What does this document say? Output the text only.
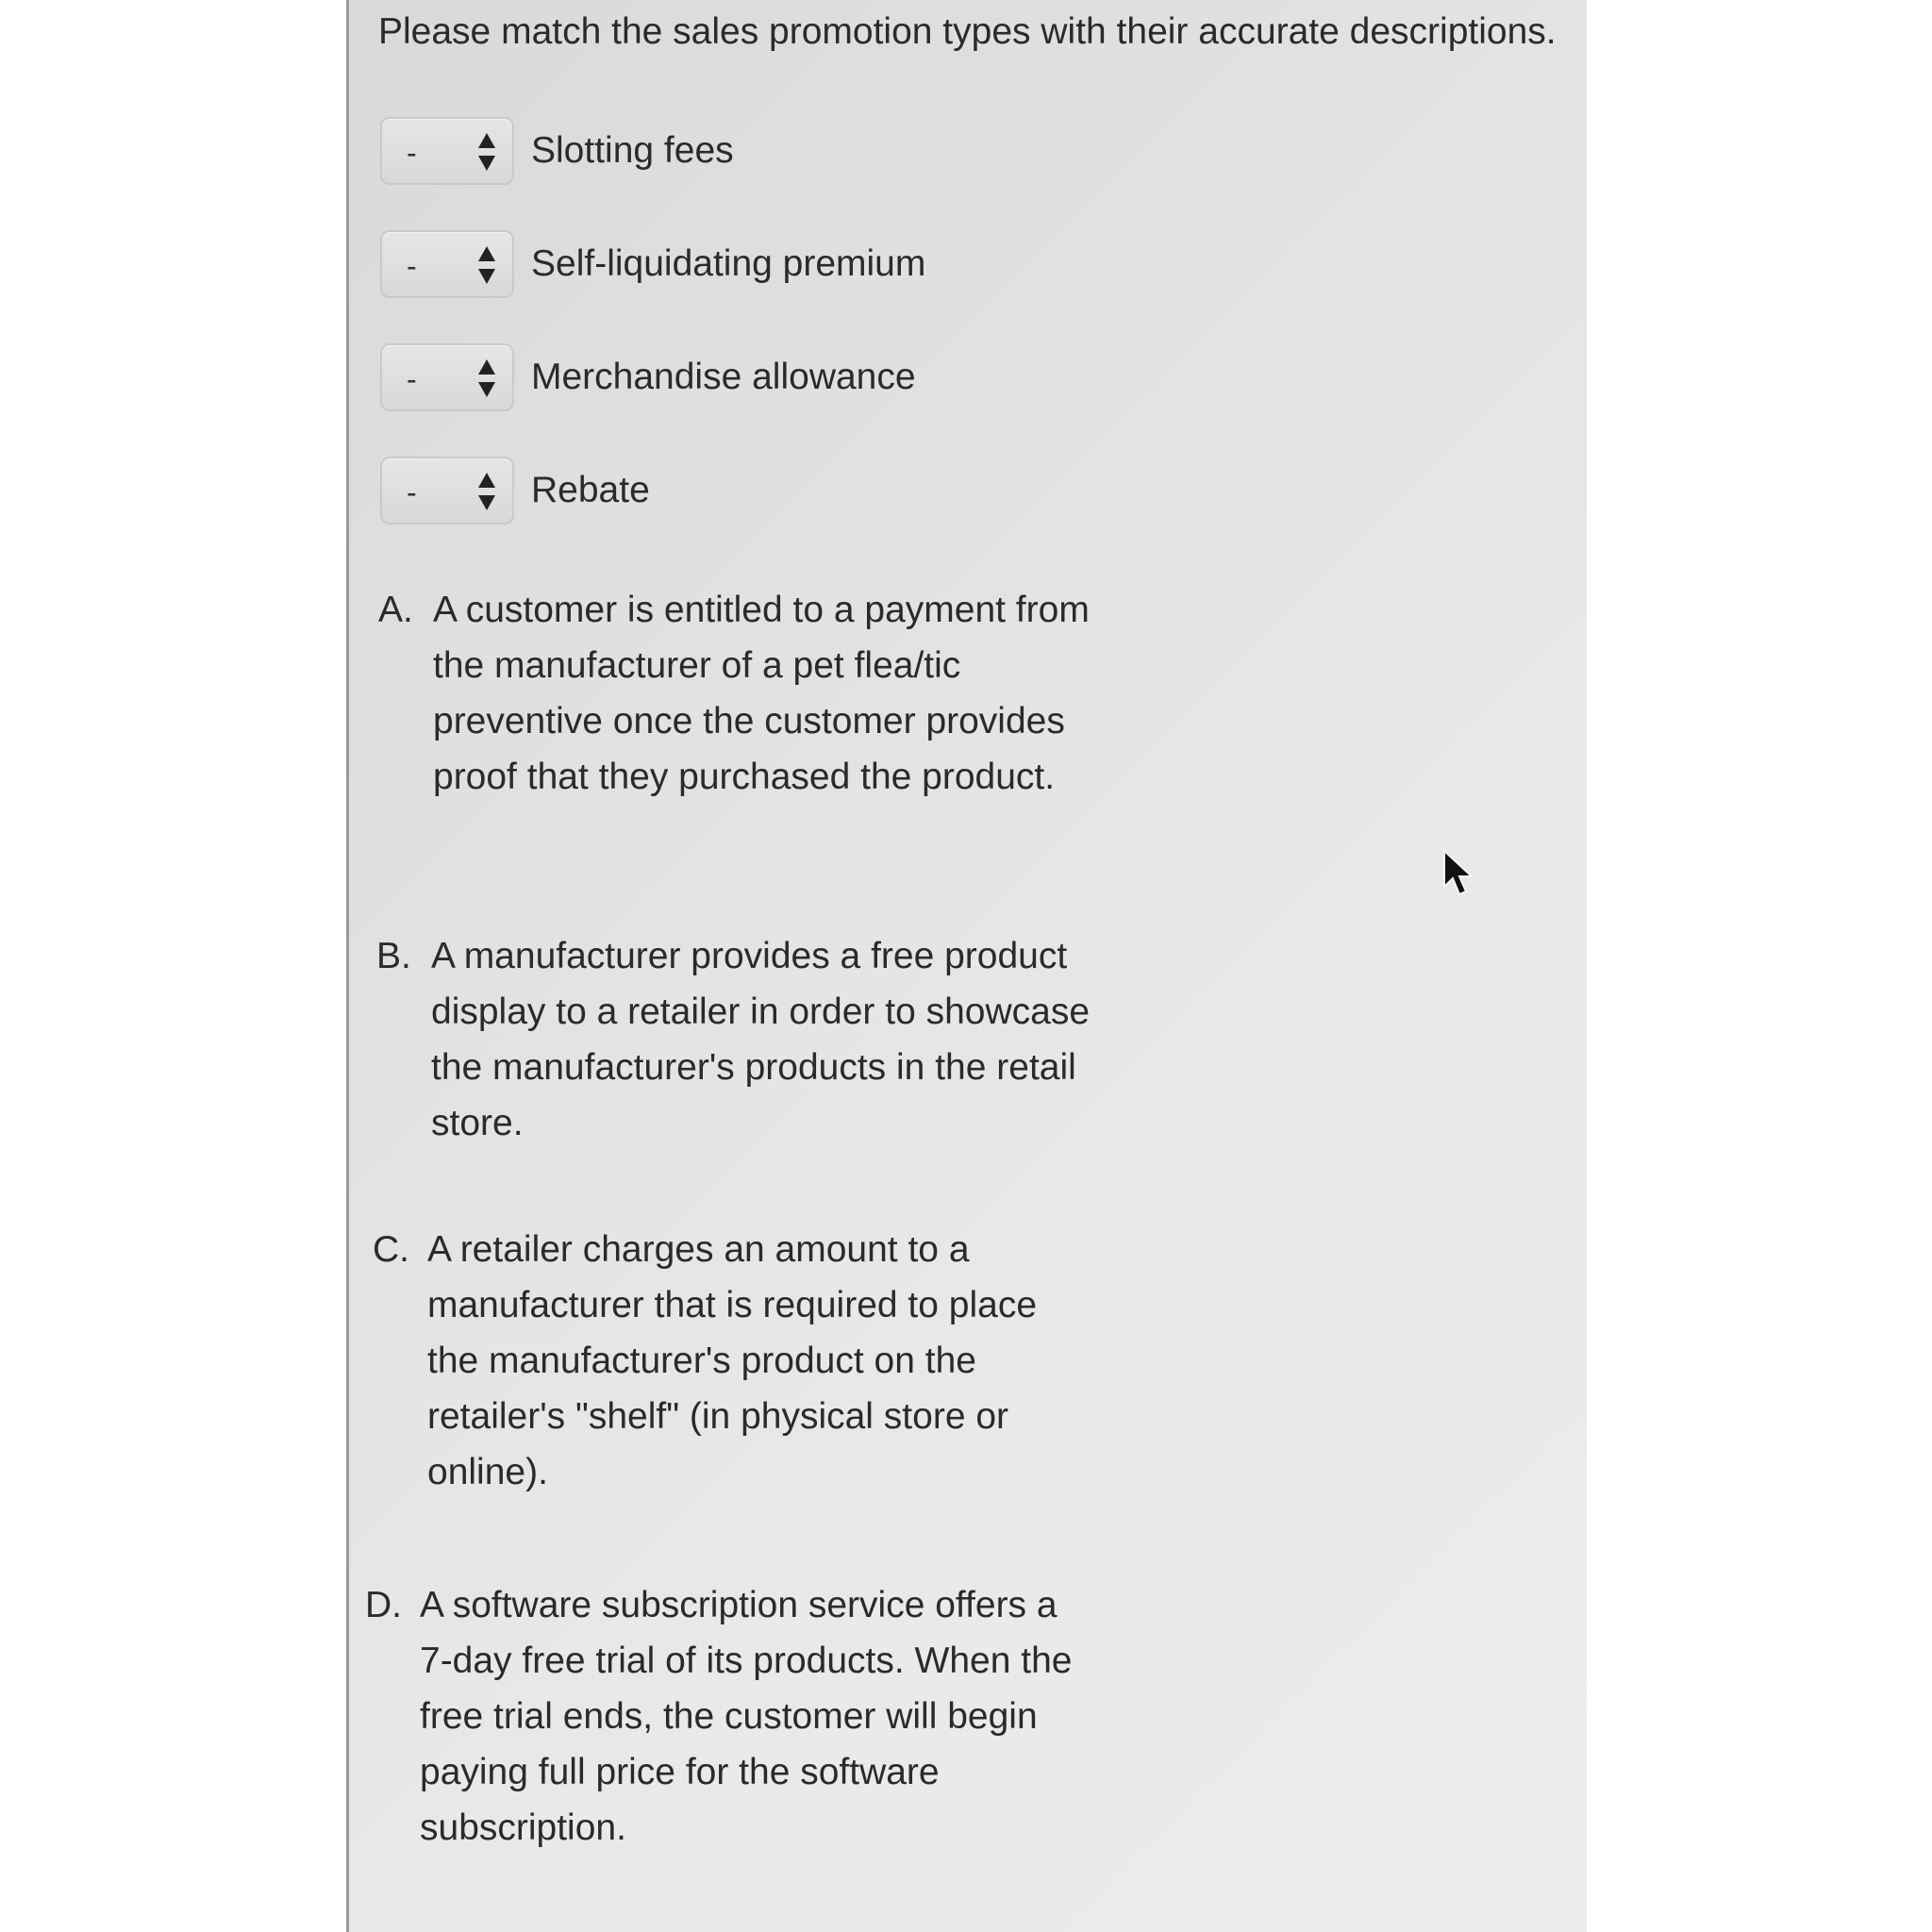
Please match the sales promotion types with their accurate descriptions.

-	Slotting fees
-	Self-liquidating premium
-	Merchandise allowance
-	Rebate
A. A customer is entitled to a payment from the manufacturer of a pet flea/tic preventive once the customer provides proof that they purchased the product.
B. A manufacturer provides a free product display to a retailer in order to showcase the manufacturer's products in the retail store.
C. A retailer charges an amount to a manufacturer that is required to place the manufacturer's product on the retailer's "shelf" (in physical store or online).
D. A software subscription service offers a 7-day free trial of its products. When the free trial ends, the customer will begin paying full price for the software subscription.
